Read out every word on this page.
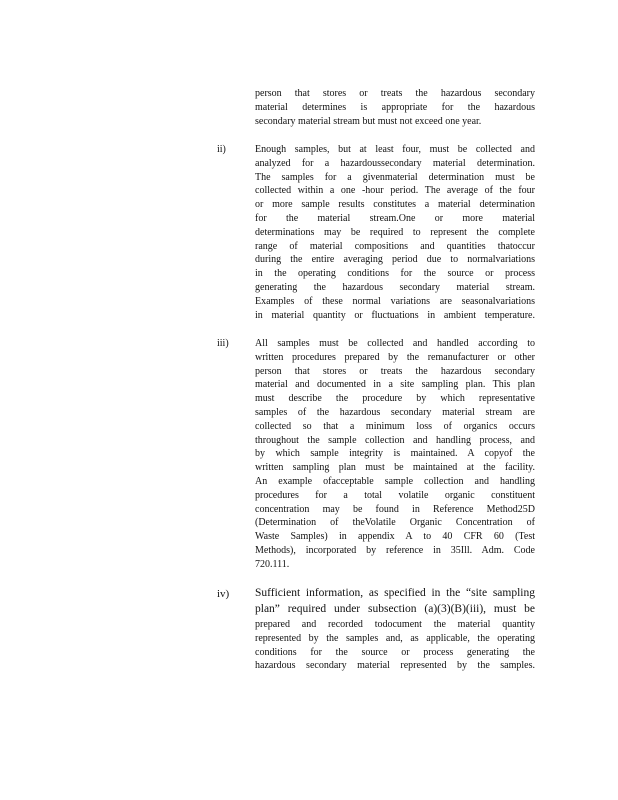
person that stores or treats the hazardous secondary
material determines is appropriate for the hazardous
secondary material stream but must not exceed one year.
ii)	Enough samples, but at least four, must be collected and
analyzed for a hazardoussecondary material determination.
The samples for a givenmaterial determination must be
collected within a one -hour period. The average of the four
or more sample results constitutes a material determination
for the material stream.One or more material
determinations may be required to represent the complete
range of material compositions and quantities thatoccur
during the entire averaging period due to normalvariations
in the operating conditions for the source or process
generating the hazardous secondary material stream.
Examples of these normal variations are seasonalvariations
in material quantity or fluctuations in ambient temperature.
iii)	All samples must be collected and handled according to
written procedures prepared by the remanufacturer or other
person that stores or treats the hazardous secondary
material and documented in a site sampling plan. This plan
must describe the procedure by which representative
samples of the hazardous secondary material stream are
collected so that a minimum loss of organics occurs
throughout the sample collection and handling process, and
by which sample integrity is maintained. A copyof the
written sampling plan must be maintained at the facility.
An example ofacceptable sample collection and handling
procedures for a total volatile organic constituent
concentration may be found in Reference Method25D
(Determination of theVolatile Organic Concentration of
Waste Samples) in appendix A to 40 CFR 60 (Test
Methods), incorporated by reference in 35Ill. Adm. Code
720.111.
iv) Sufficient information, as specified in the “site sampling
plan” required under subsection (a)(3)(B)(iii), must be
prepared and recorded todocument the material quantity
represented by the samples and, as applicable, the operating
conditions for the source or process generating the
hazardous secondary material represented by the samples.
